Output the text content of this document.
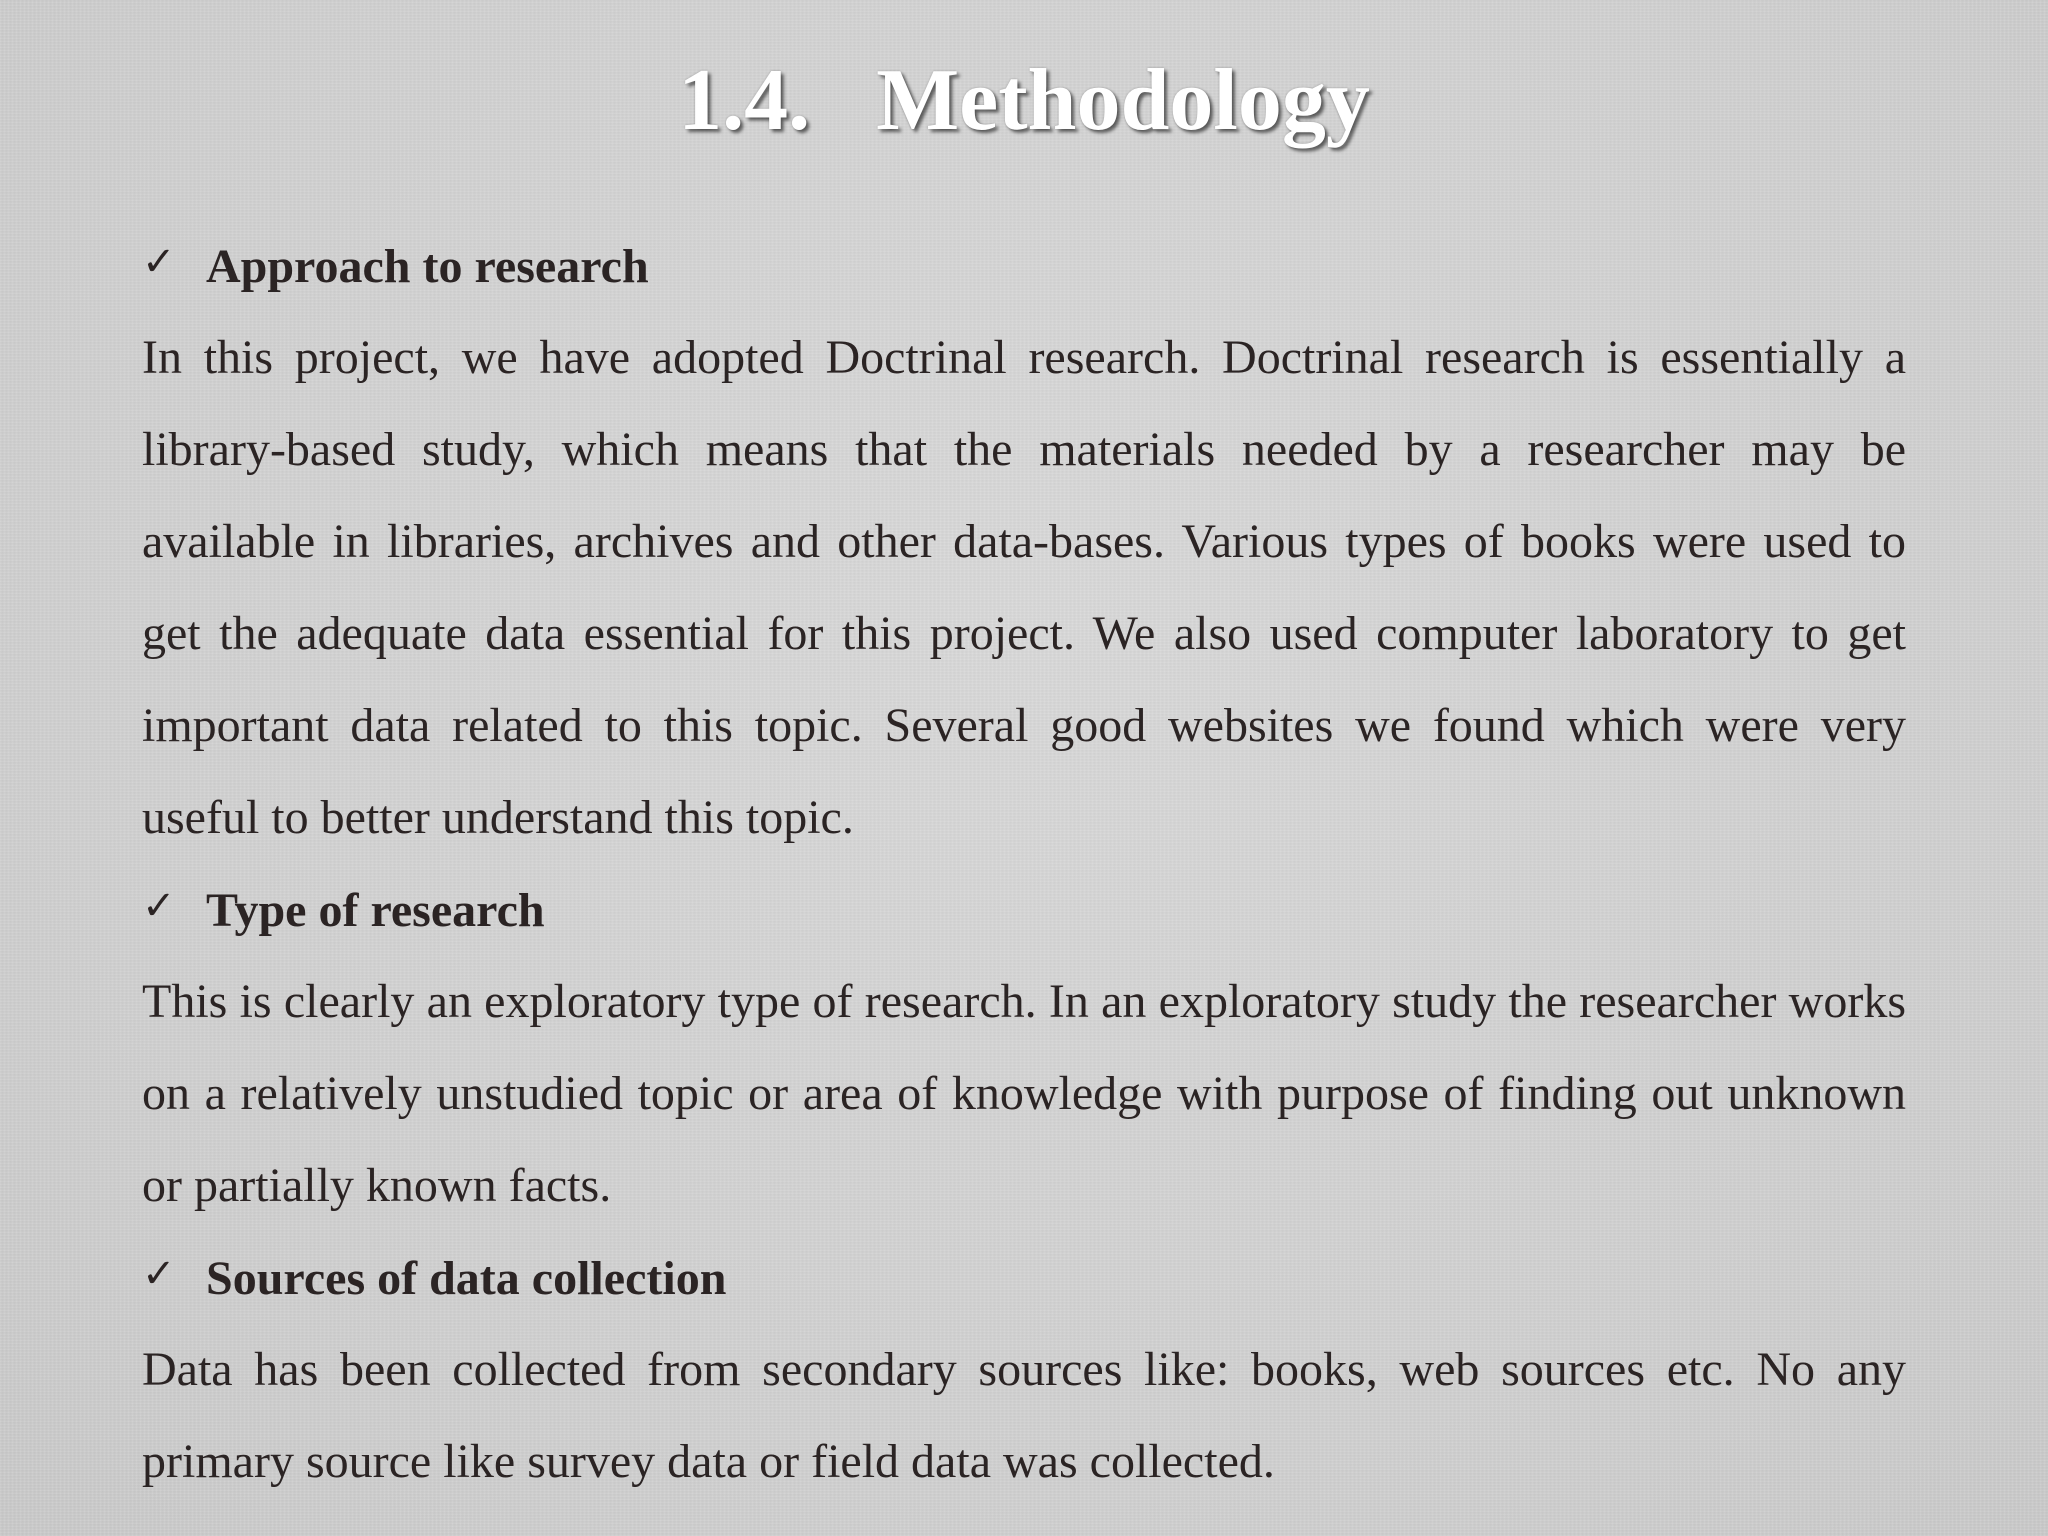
1.4.   Methodology
✓ Approach to research

In this project, we have adopted Doctrinal research. Doctrinal research is essentially a library-based study, which means that the materials needed by a researcher may be available in libraries, archives and other data-bases. Various types of books were used to get the adequate data essential for this project. We also used computer laboratory to get important data related to this topic. Several good websites we found which were very useful to better understand this topic.

✓ Type of research

This is clearly an exploratory type of research. In an exploratory study the researcher works on a relatively unstudied topic or area of knowledge with purpose of finding out unknown or partially known facts.

✓ Sources of data collection

Data has been collected from secondary sources like: books, web sources etc. No any primary source like survey data or field data was collected.
